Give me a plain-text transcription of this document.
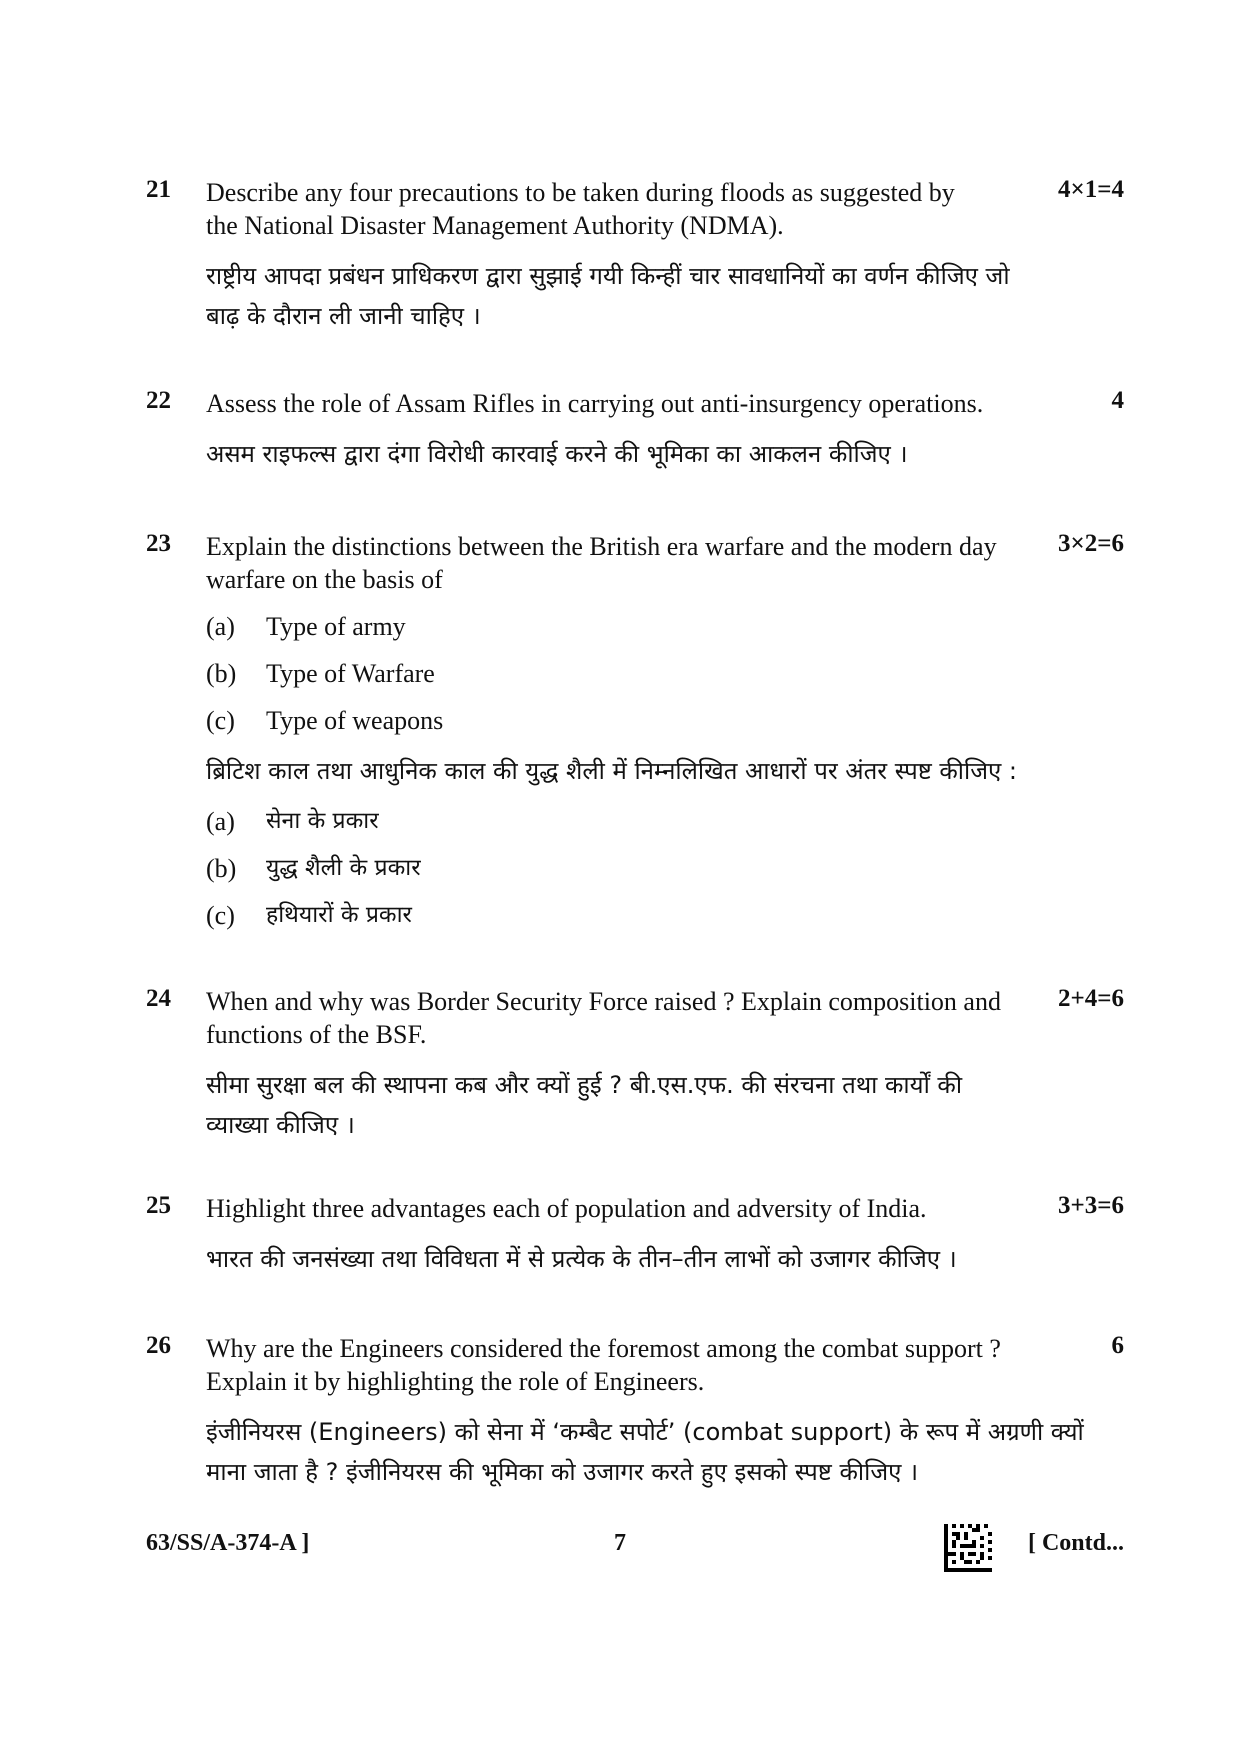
21	4×1=4
Describe any four precautions to be taken during floods as suggested by the National Disaster Management Authority (NDMA).
राष्ट्रीय आपदा प्रबंधन प्राधिकरण द्वारा सुझाई गयी किन्हीं चार सावधानियों का वर्णन कीजिए जो बाढ़ के दौरान ली जानी चाहिए ।
22	4
Assess the role of Assam Rifles in carrying out anti-insurgency operations.
असम राइफल्स द्वारा दंगा विरोधी कारवाई करने की भूमिका का आकलन कीजिए ।
23	3×2=6
Explain the distinctions between the British era warfare and the modern day warfare on the basis of
(a)	Type of army
(b)	Type of Warfare
(c)	Type of weapons
ब्रिटिश काल तथा आधुनिक काल की युद्ध शैली में निम्नलिखित आधारों पर अंतर स्पष्ट कीजिए :
(a)	सेना के प्रकार
(b)	युद्ध शैली के प्रकार
(c)	हथियारों के प्रकार
24	2+4=6
When and why was Border Security Force raised ? Explain composition and functions of the BSF.
सीमा सुरक्षा बल की स्थापना कब और क्यों हुई ? बी.एस.एफ. की संरचना तथा कार्यों की व्याख्या कीजिए ।
25	3+3=6
Highlight three advantages each of population and adversity of India.
भारत की जनसंख्या तथा विविधता में से प्रत्येक के तीन–तीन लाभों को उजागर कीजिए ।
26	6
Why are the Engineers considered the foremost among the combat support ? Explain it by highlighting the role of Engineers.
इंजीनियरस (Engineers) को सेना में ‘कम्बैट सपोर्ट’ (combat support) के रूप में अग्रणी क्यों माना जाता है ? इंजीनियरस की भूमिका को उजागर करते हुए इसको स्पष्ट कीजिए ।
63/SS/A-374-A ]	7	[ Contd...
